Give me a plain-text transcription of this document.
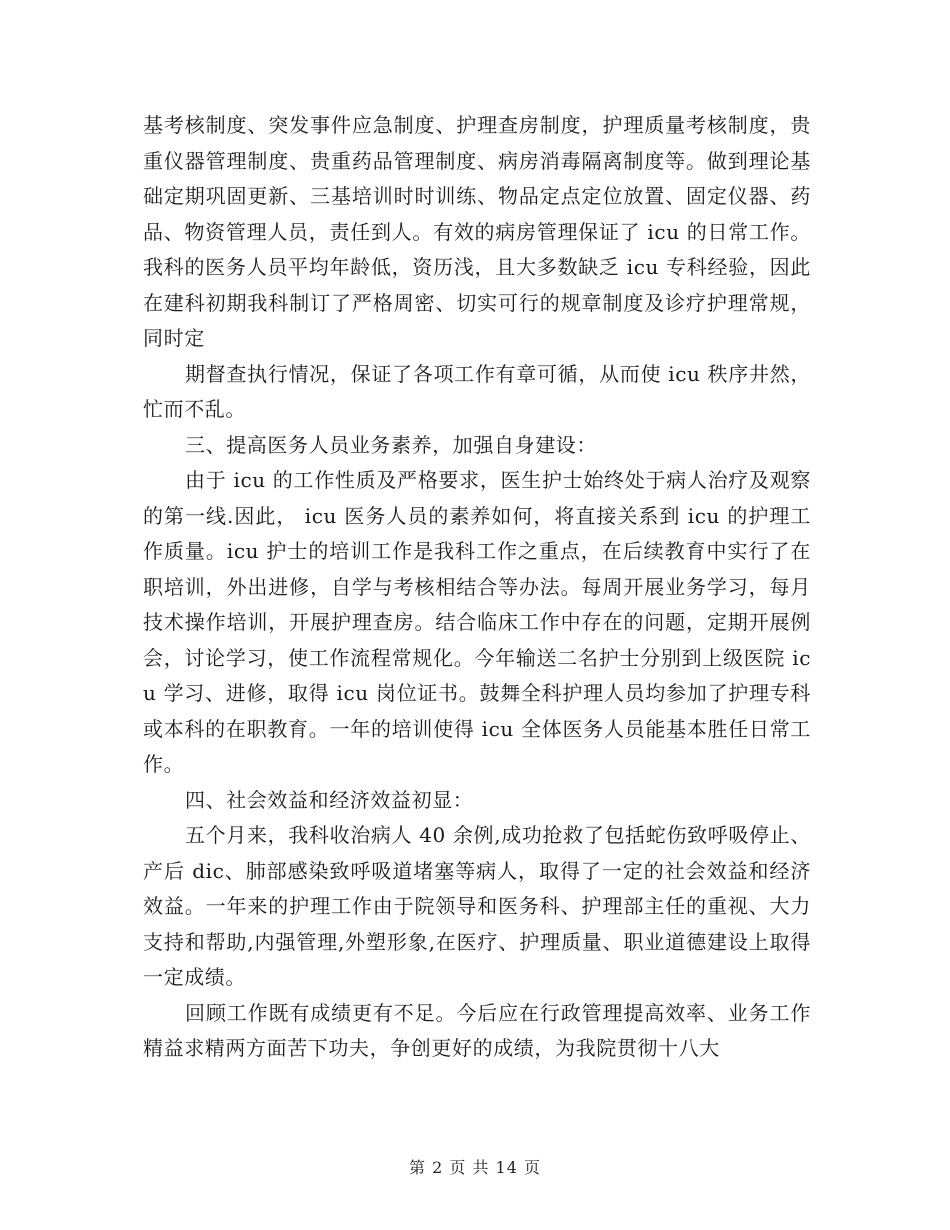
基考核制度、突发事件应急制度、护理查房制度，护理质量考核制度，贵重仪器管理制度、贵重药品管理制度、病房消毒隔离制度等。做到理论基础定期巩固更新、三基培训时时训练、物品定点定位放置、固定仪器、药品、物资管理人员，责任到人。有效的病房管理保证了 icu 的日常工作。我科的医务人员平均年龄低，资历浅，且大多数缺乏 icu 专科经验，因此在建科初期我科制订了严格周密、切实可行的规章制度及诊疗护理常规， 同时定

期督查执行情况，保证了各项工作有章可循，从而使 icu 秩序井然，忙而不乱。

三、提高医务人员业务素养，加强自身建设：

由于 icu 的工作性质及严格要求，医生护士始终处于病人治疗及观察的第一线.因此， icu 医务人员的素养如何，将直接关系到 icu 的护理工作质量。icu 护士的培训工作是我科工作之重点，在后续教育中实行了在职培训，外出进修，自学与考核相结合等办法。每周开展业务学习，每月技术操作培训，开展护理查房。结合临床工作中存在的问题，定期开展例会，讨论学习，使工作流程常规化。今年输送二名护士分别到上级医院 icu 学习、进修，取得 icu 岗位证书。鼓舞全科护理人员均参加了护理专科或本科的在职教育。一年的培训使得 icu 全体医务人员能基本胜任日常工作。

四、社会效益和经济效益初显：

五个月来，我科收治病人 40 余例,成功抢救了包括蛇伤致呼吸停止、产后 dic、肺部感染致呼吸道堵塞等病人，取得了一定的社会效益和经济效益。一年来的护理工作由于院领导和医务科、护理部主任的重视、大力支持和帮助,内强管理,外塑形象,在医疗、护理质量、职业道德建设上取得一定成绩。

回顾工作既有成绩更有不足。今后应在行政管理提高效率、业务工作精益求精两方面苦下功夫，争创更好的成绩，为我院贯彻十八大

第 2 页 共 14 页
